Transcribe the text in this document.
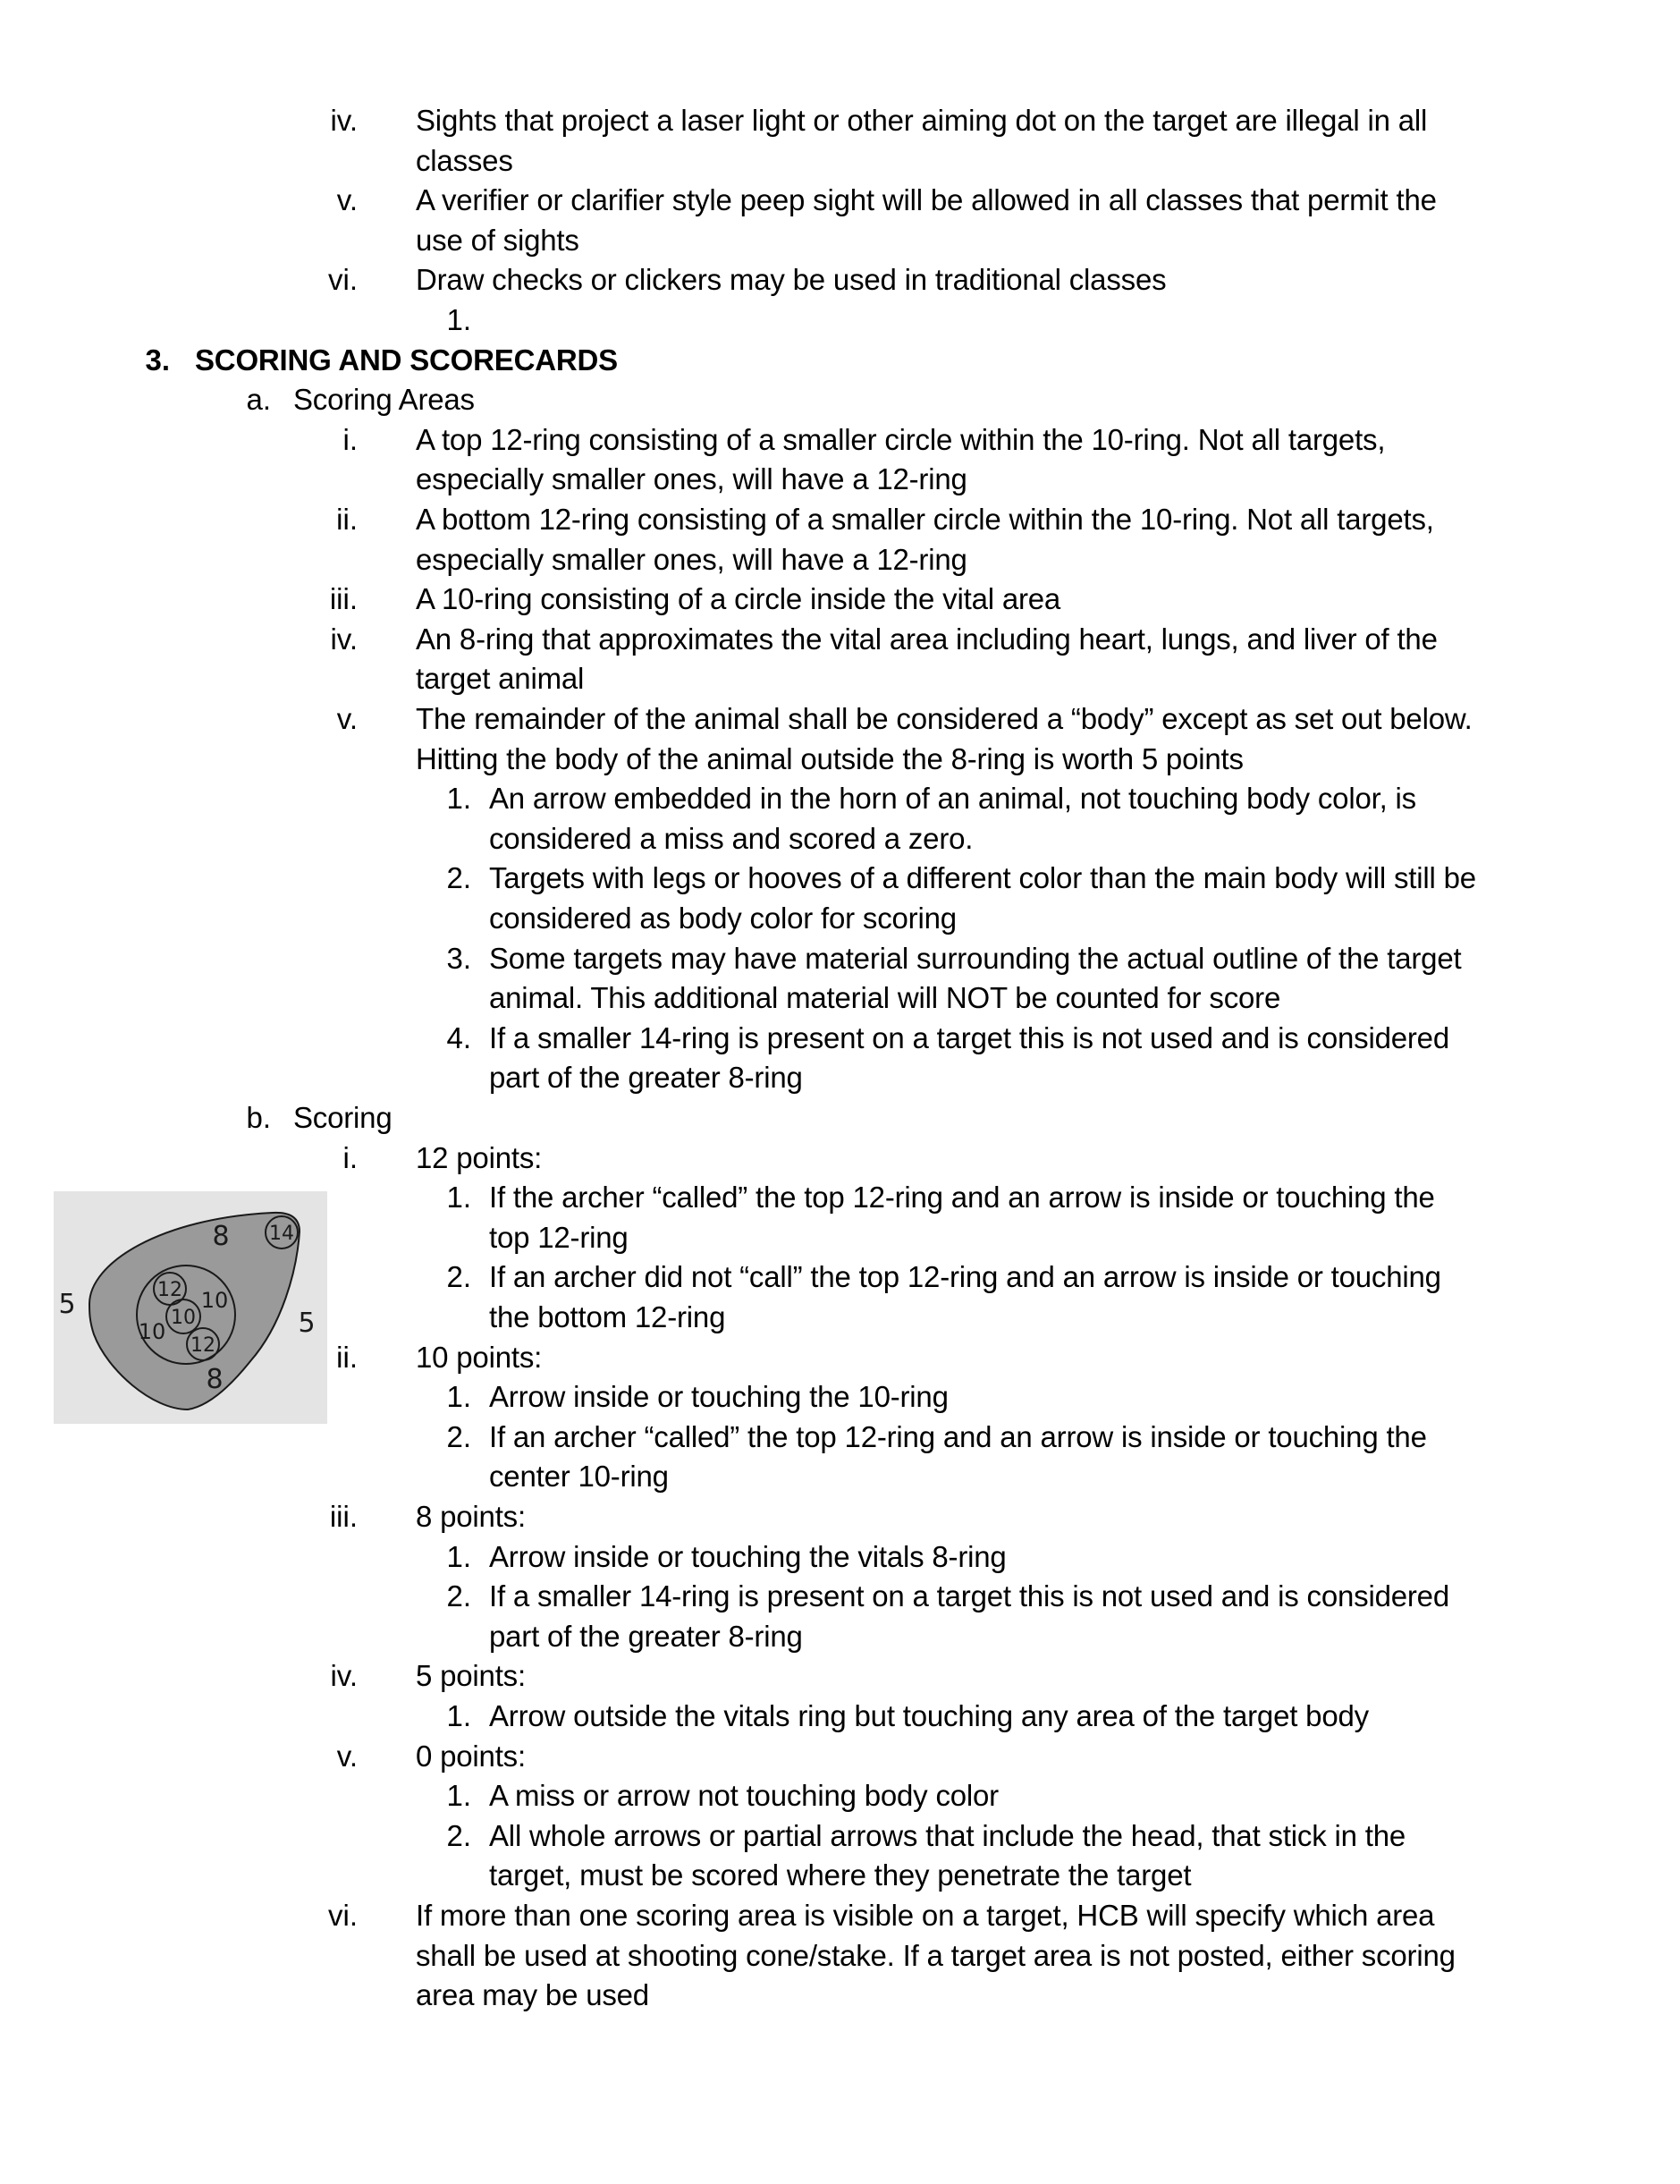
iv. Sights that project a laser light or other aiming dot on the target are illegal in all
classes
v. A verifier or clarifier style peep sight will be allowed in all classes that permit the
use of sights
vi. Draw checks or clickers may be used in traditional classes
1.
3. SCORING AND SCORECARDS
a. Scoring Areas
i. A top 12-ring consisting of a smaller circle within the 10-ring. Not all targets,
especially smaller ones, will have a 12-ring
ii. A bottom 12-ring consisting of a smaller circle within the 10-ring. Not all targets,
especially smaller ones, will have a 12-ring
iii. A 10-ring consisting of a circle inside the vital area
iv. An 8-ring that approximates the vital area including heart, lungs, and liver of the
target animal
v. The remainder of the animal shall be considered a “body” except as set out below.
Hitting the body of the animal outside the 8-ring is worth 5 points
1. An arrow embedded in the horn of an animal, not touching body color, is
considered a miss and scored a zero.
2. Targets with legs or hooves of a different color than the main body will still be
considered as body color for scoring
3. Some targets may have material surrounding the actual outline of the target
animal. This additional material will NOT be counted for score
4. If a smaller 14-ring is present on a target this is not used and is considered
part of the greater 8-ring
b. Scoring
i. 12 points:
1. If the archer “called” the top 12-ring and an arrow is inside or touching the
top 12-ring
2. If an archer did not “call” the top 12-ring and an arrow is inside or touching
the bottom 12-ring
ii. 10 points:
1. Arrow inside or touching the 10-ring
2. If an archer “called” the top 12-ring and an arrow is inside or touching the
center 10-ring
iii. 8 points:
1. Arrow inside or touching the vitals 8-ring
2. If a smaller 14-ring is present on a target this is not used and is considered
part of the greater 8-ring
iv. 5 points:
1. Arrow outside the vitals ring but touching any area of the target body
v. 0 points:
1. A miss or arrow not touching body color
2. All whole arrows or partial arrows that include the head, that stick in the
target, must be scored where they penetrate the target
vi. If more than one scoring area is visible on a target, HCB will specify which area
shall be used at shooting cone/stake. If a target area is not posted, either scoring
area may be used
5
5
8
8
14
12
12
10
10
10
